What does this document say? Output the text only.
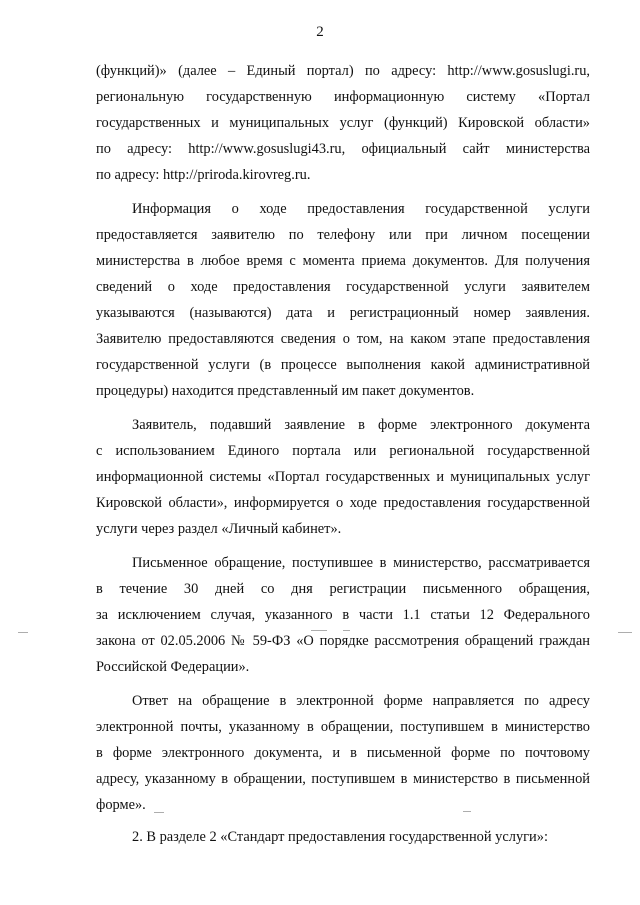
2
(функций)» (далее – Единый портал) по адресу: http://www.gosuslugi.ru,
региональную государственную информационную систему «Портал
государственных и муниципальных услуг (функций) Кировской области»
по адресу: http://www.gosuslugi43.ru, официальный сайт министерства
по адресу: http://priroda.kirovreg.ru.
Информация о ходе предоставления государственной услуги
предоставляется заявителю по телефону или при личном посещении
министерства в любое время с момента приема документов. Для получения
сведений о ходе предоставления государственной услуги заявителем
указываются (называются) дата и регистрационный номер заявления.
Заявителю предоставляются сведения о том, на каком этапе предоставления
государственной услуги (в процессе выполнения какой административной
процедуры) находится представленный им пакет документов.
Заявитель, подавший заявление в форме электронного документа
с использованием Единого портала или региональной государственной
информационной системы «Портал государственных и муниципальных услуг
Кировской области», информируется о ходе предоставления государственной
услуги через раздел «Личный кабинет».
Письменное обращение, поступившее в министерство, рассматривается
в течение 30 дней со дня регистрации письменного обращения,
за исключением случая, указанного в части 1.1 статьи 12 Федерального
закона от 02.05.2006 № 59-ФЗ «О порядке рассмотрения обращений граждан
Российской Федерации».
Ответ на обращение в электронной форме направляется по адресу
электронной почты, указанному в обращении, поступившем в министерство
в форме электронного документа, и в письменной форме по почтовому
адресу, указанному в обращении, поступившем в министерство в письменной
форме».
2. В разделе 2 «Стандарт предоставления государственной услуги»:
